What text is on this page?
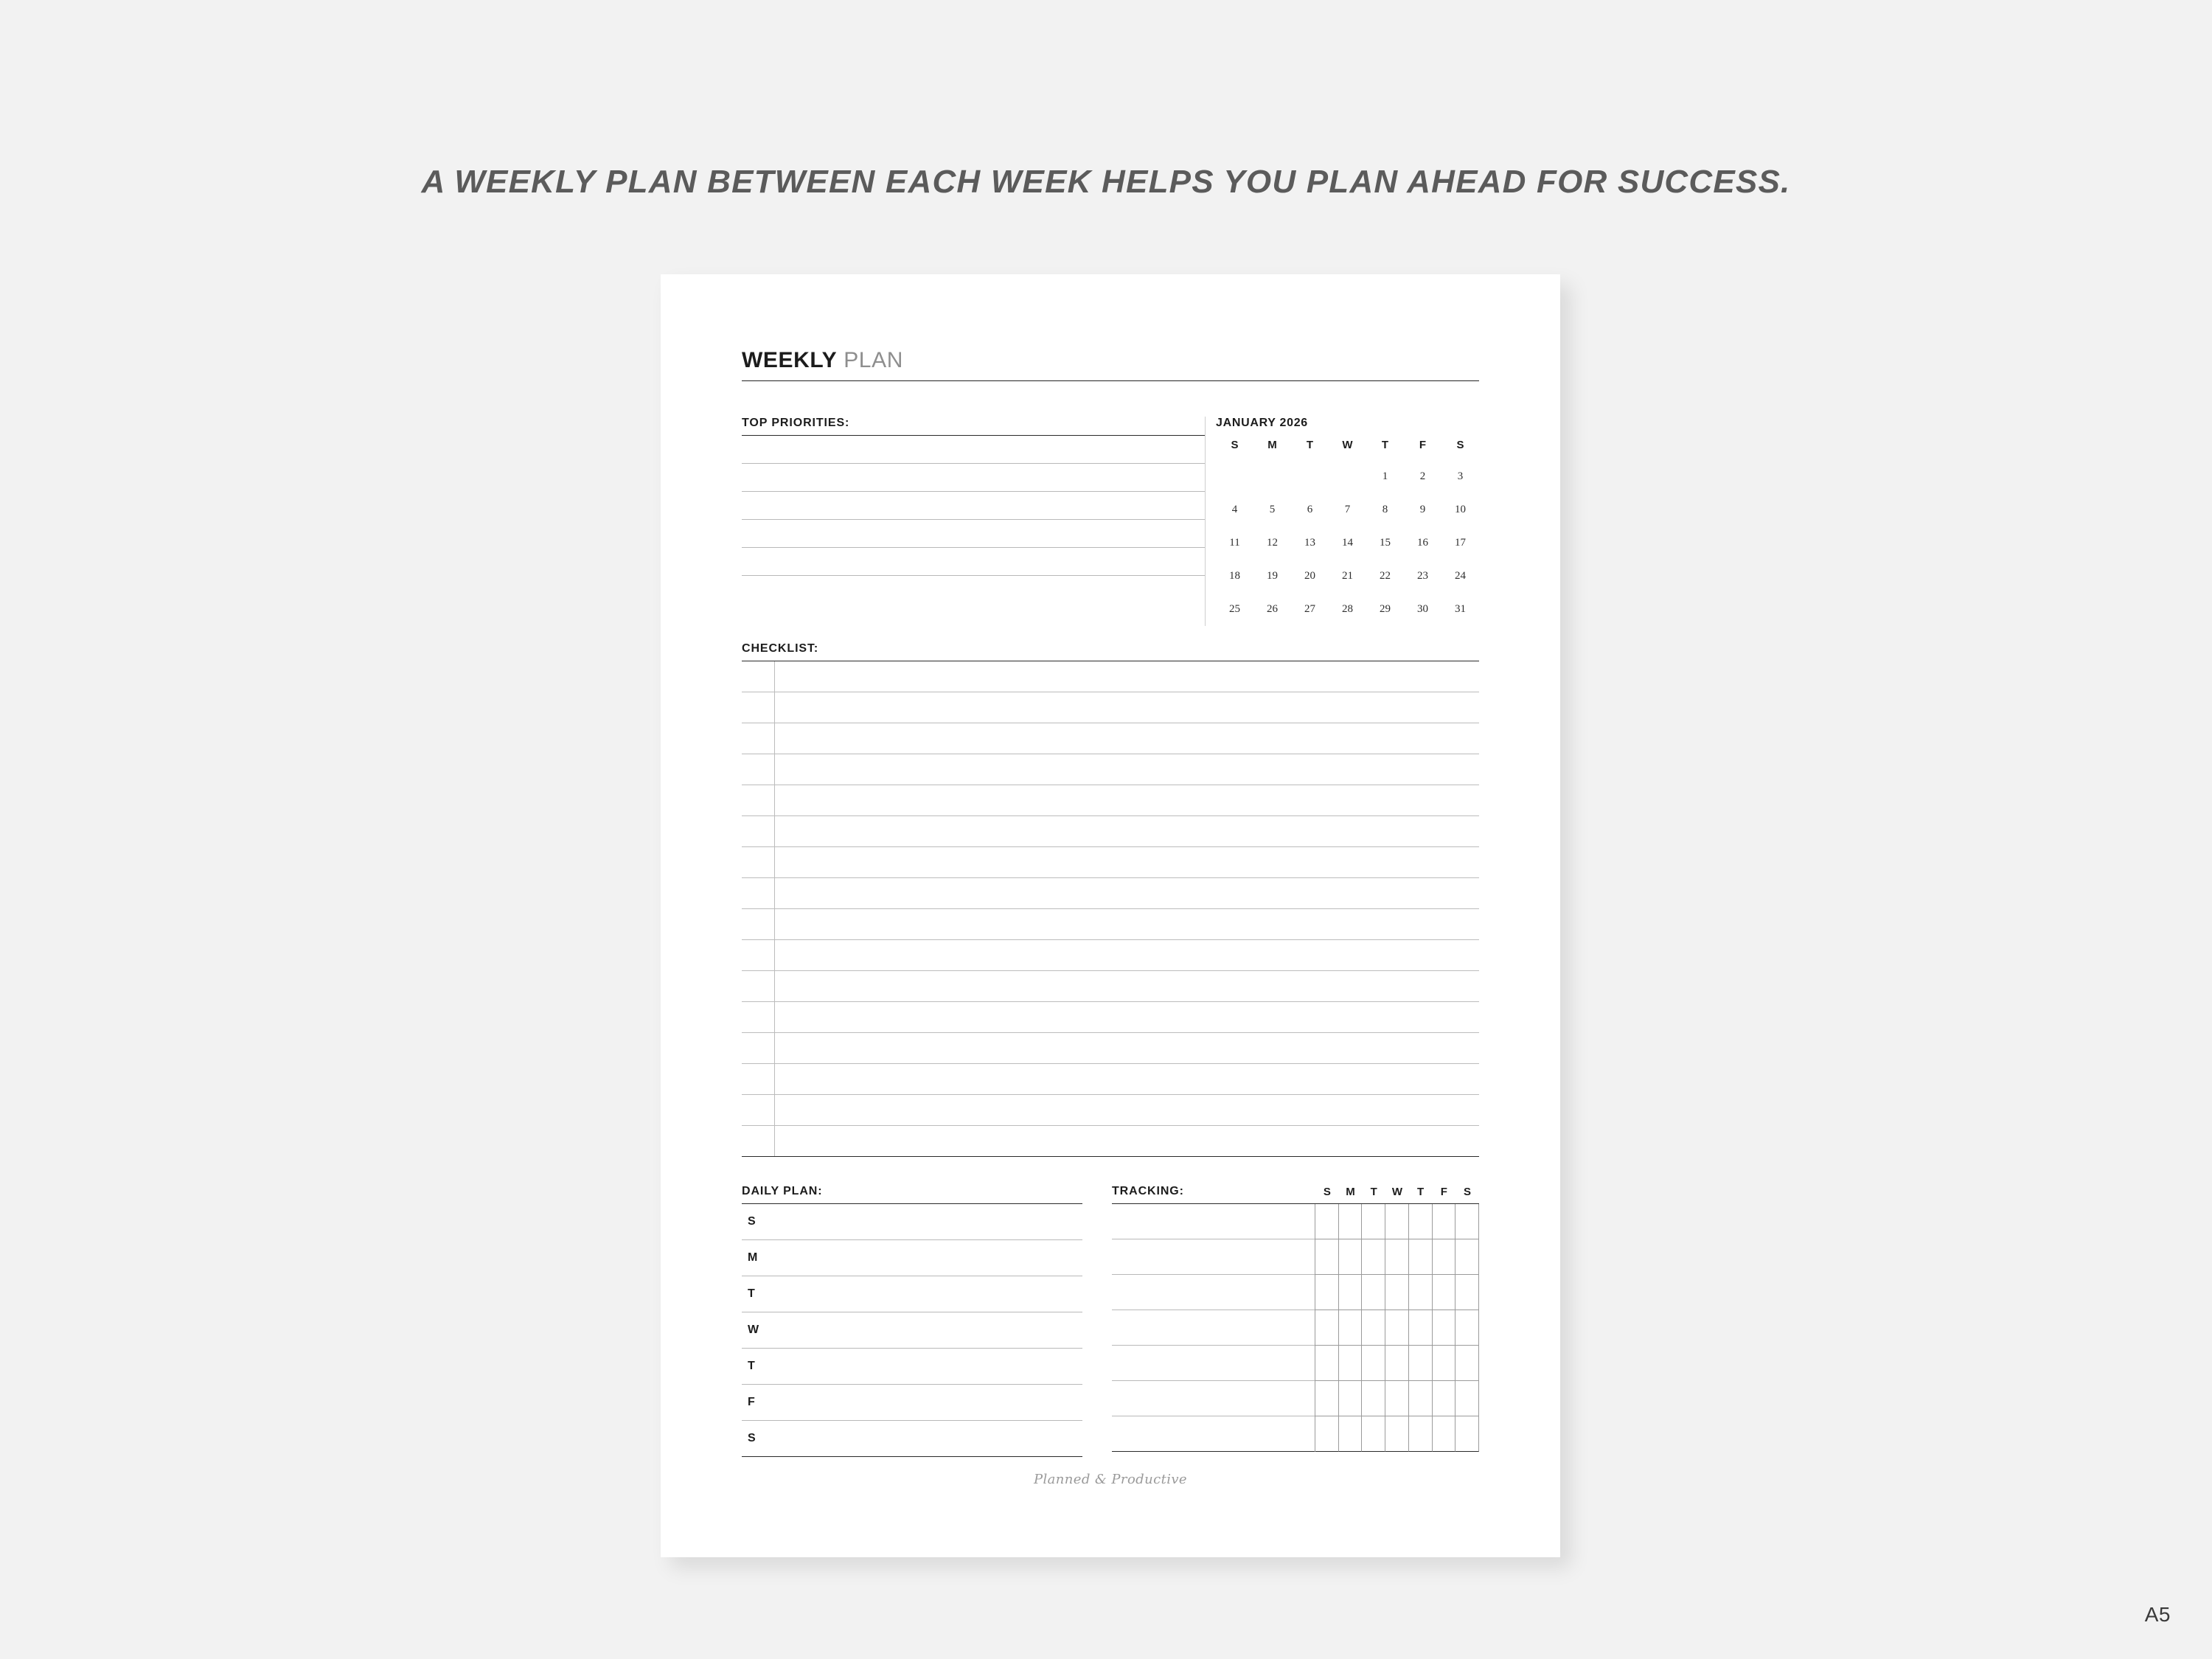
A WEEKLY PLAN BETWEEN EACH WEEK HELPS YOU PLAN AHEAD FOR SUCCESS.
WEEKLY PLAN
TOP PRIORITIES:	JANUARY 2026
S	M	T	W	T	F	S
				1	2	3
4	5	6	7	8	9	10
11	12	13	14	15	16	17
18	19	20	21	22	23	24
25	26	27	28	29	30	31
CHECKLIST:
DAILY PLAN:
S
M
T
W
T
F
S
TRACKING:	S	M	T	W	T	F	S
Planned & Productive
A5
